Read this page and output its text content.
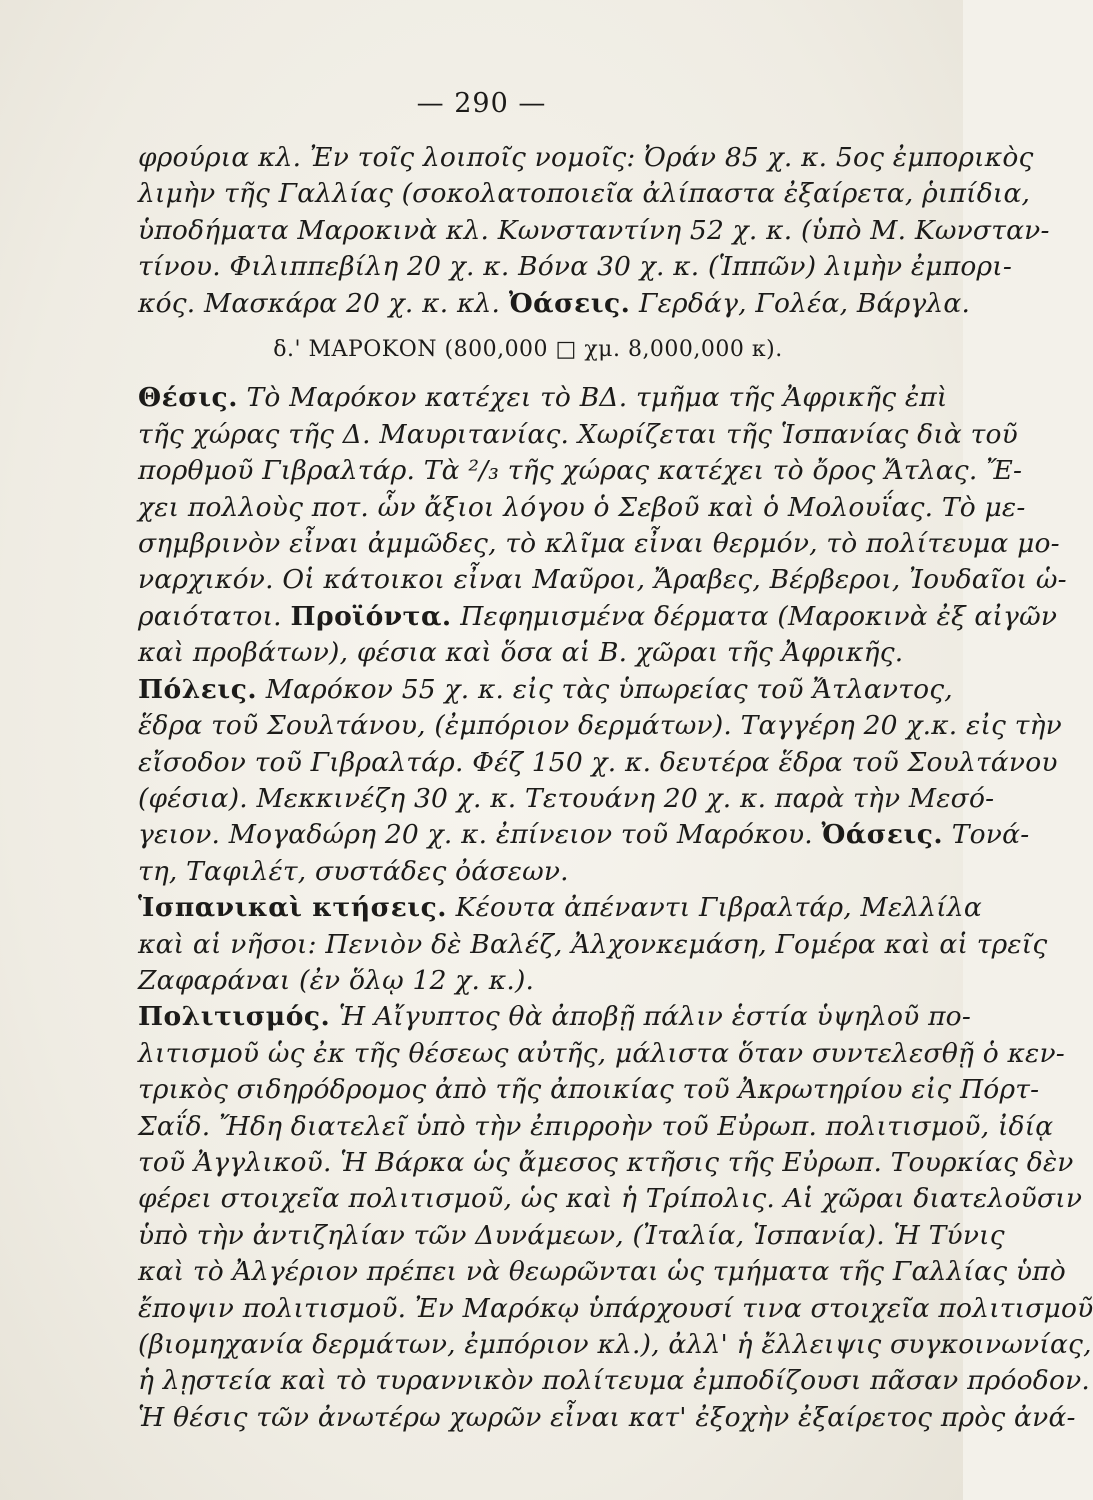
— 290 —
φρούρια κλ. Ἐν τοῖς λοιποῖς νομοῖς: Ὀράν 85 χ. κ. 5ος ἐμπορικὸς
λιμὴν τῆς Γαλλίας (σοκολατοποιεῖα ἀλίπαστα ἐξαίρετα, ῥιπίδια,
ὑποδήματα Μαροκινὰ κλ. Κωνσταντίνη 52 χ. κ. (ὑπὸ Μ. Κωνσταν-
τίνου. Φιλιππεβίλη 20 χ. κ. Βόνα 30 χ. κ. (Ἱππῶν) λιμὴν ἐμπορι-
κός. Μασκάρα 20 χ. κ. κλ. Ὀάσεις. Γερδάγ, Γολέα, Βάργλα.
δ.' ΜΑΡΟΚΟΝ (800,000 □ χμ. 8,000,000 κ).
Θέσις. Τὸ Μαρόκον κατέχει τὸ ΒΔ. τμῆμα τῆς Ἀφρικῆς ἐπὶ
τῆς χώρας τῆς Δ. Μαυριτανίας. Χωρίζεται τῆς Ἱσπανίας διὰ τοῦ
πορθμοῦ Γιβραλτάρ. Τὰ ²/₃ τῆς χώρας κατέχει τὸ ὄρος Ἄτλας. Ἔ-
χει πολλοὺς ποτ. ὧν ἄξιοι λόγου ὁ Σεβοῦ καὶ ὁ Μολουΐας. Τὸ με-
σημβρινὸν εἶναι ἀμμῶδες, τὸ κλῖμα εἶναι θερμόν, τὸ πολίτευμα μο-
ναρχικόν. Οἱ κάτοικοι εἶναι Μαῦροι, Ἄραβες, Βέρβεροι, Ἰουδαῖοι ὡ-
ραιότατοι. Προϊόντα. Πεφημισμένα δέρματα (Μαροκινὰ ἐξ αἰγῶν
καὶ προβάτων), φέσια καὶ ὅσα αἱ Β. χῶραι τῆς Ἀφρικῆς.
Πόλεις. Μαρόκον 55 χ. κ. εἰς τὰς ὑπωρείας τοῦ Ἄτλαντος,
ἕδρα τοῦ Σουλτάνου, (ἐμπόριον δερμάτων). Ταγγέρη 20 χ.κ. εἰς τὴν
εἴσοδον τοῦ Γιβραλτάρ. Φέζ 150 χ. κ. δευτέρα ἕδρα τοῦ Σουλτάνου
(φέσια). Μεκκινέζη 30 χ. κ. Τετουάνη 20 χ. κ. παρὰ τὴν Μεσό-
γειον. Μογαδώρη 20 χ. κ. ἐπίνειον τοῦ Μαρόκου. Ὀάσεις. Τονά-
τη, Ταφιλέτ, συστάδες ὀάσεων.
Ἱσπανικαὶ κτήσεις. Κέουτα ἀπέναντι Γιβραλτάρ, Μελλίλα
καὶ αἱ νῆσοι: Πενιὸν δὲ Βαλέζ, Ἀλχονκεμάση, Γομέρα καὶ αἱ τρεῖς
Ζαφαράναι (ἐν ὅλῳ 12 χ. κ.).
Πολιτισμός. Ἡ Αἴγυπτος θὰ ἀποβῇ πάλιν ἑστία ὑψηλοῦ πο-
λιτισμοῦ ὡς ἐκ τῆς θέσεως αὐτῆς, μάλιστα ὅταν συντελεσθῇ ὁ κεν-
τρικὸς σιδηρόδρομος ἀπὸ τῆς ἀποικίας τοῦ Ἀκρωτηρίου εἰς Πόρτ-
Σαΐδ. Ἤδη διατελεῖ ὑπὸ τὴν ἐπιρροὴν τοῦ Εὐρωπ. πολιτισμοῦ, ἰδίᾳ
τοῦ Ἀγγλικοῦ. Ἡ Βάρκα ὡς ἄμεσος κτῆσις τῆς Εὐρωπ. Τουρκίας δὲν
φέρει στοιχεῖα πολιτισμοῦ, ὡς καὶ ἡ Τρίπολις. Αἱ χῶραι διατελοῦσιν
ὑπὸ τὴν ἀντιζηλίαν τῶν Δυνάμεων, (Ἰταλία, Ἱσπανία). Ἡ Τύνις
καὶ τὸ Ἀλγέριον πρέπει νὰ θεωρῶνται ὡς τμήματα τῆς Γαλλίας ὑπὸ
ἔποψιν πολιτισμοῦ. Ἐν Μαρόκῳ ὑπάρχουσί τινα στοιχεῖα πολιτισμοῦ
(βιομηχανία δερμάτων, ἐμπόριον κλ.), ἀλλ' ἡ ἔλλειψις συγκοινωνίας,
ἡ λῃστεία καὶ τὸ τυραννικὸν πολίτευμα ἐμποδίζουσι πᾶσαν πρόοδον.
Ἡ θέσις τῶν ἀνωτέρω χωρῶν εἶναι κατ' ἐξοχὴν ἐξαίρετος πρὸς ἀνά-
